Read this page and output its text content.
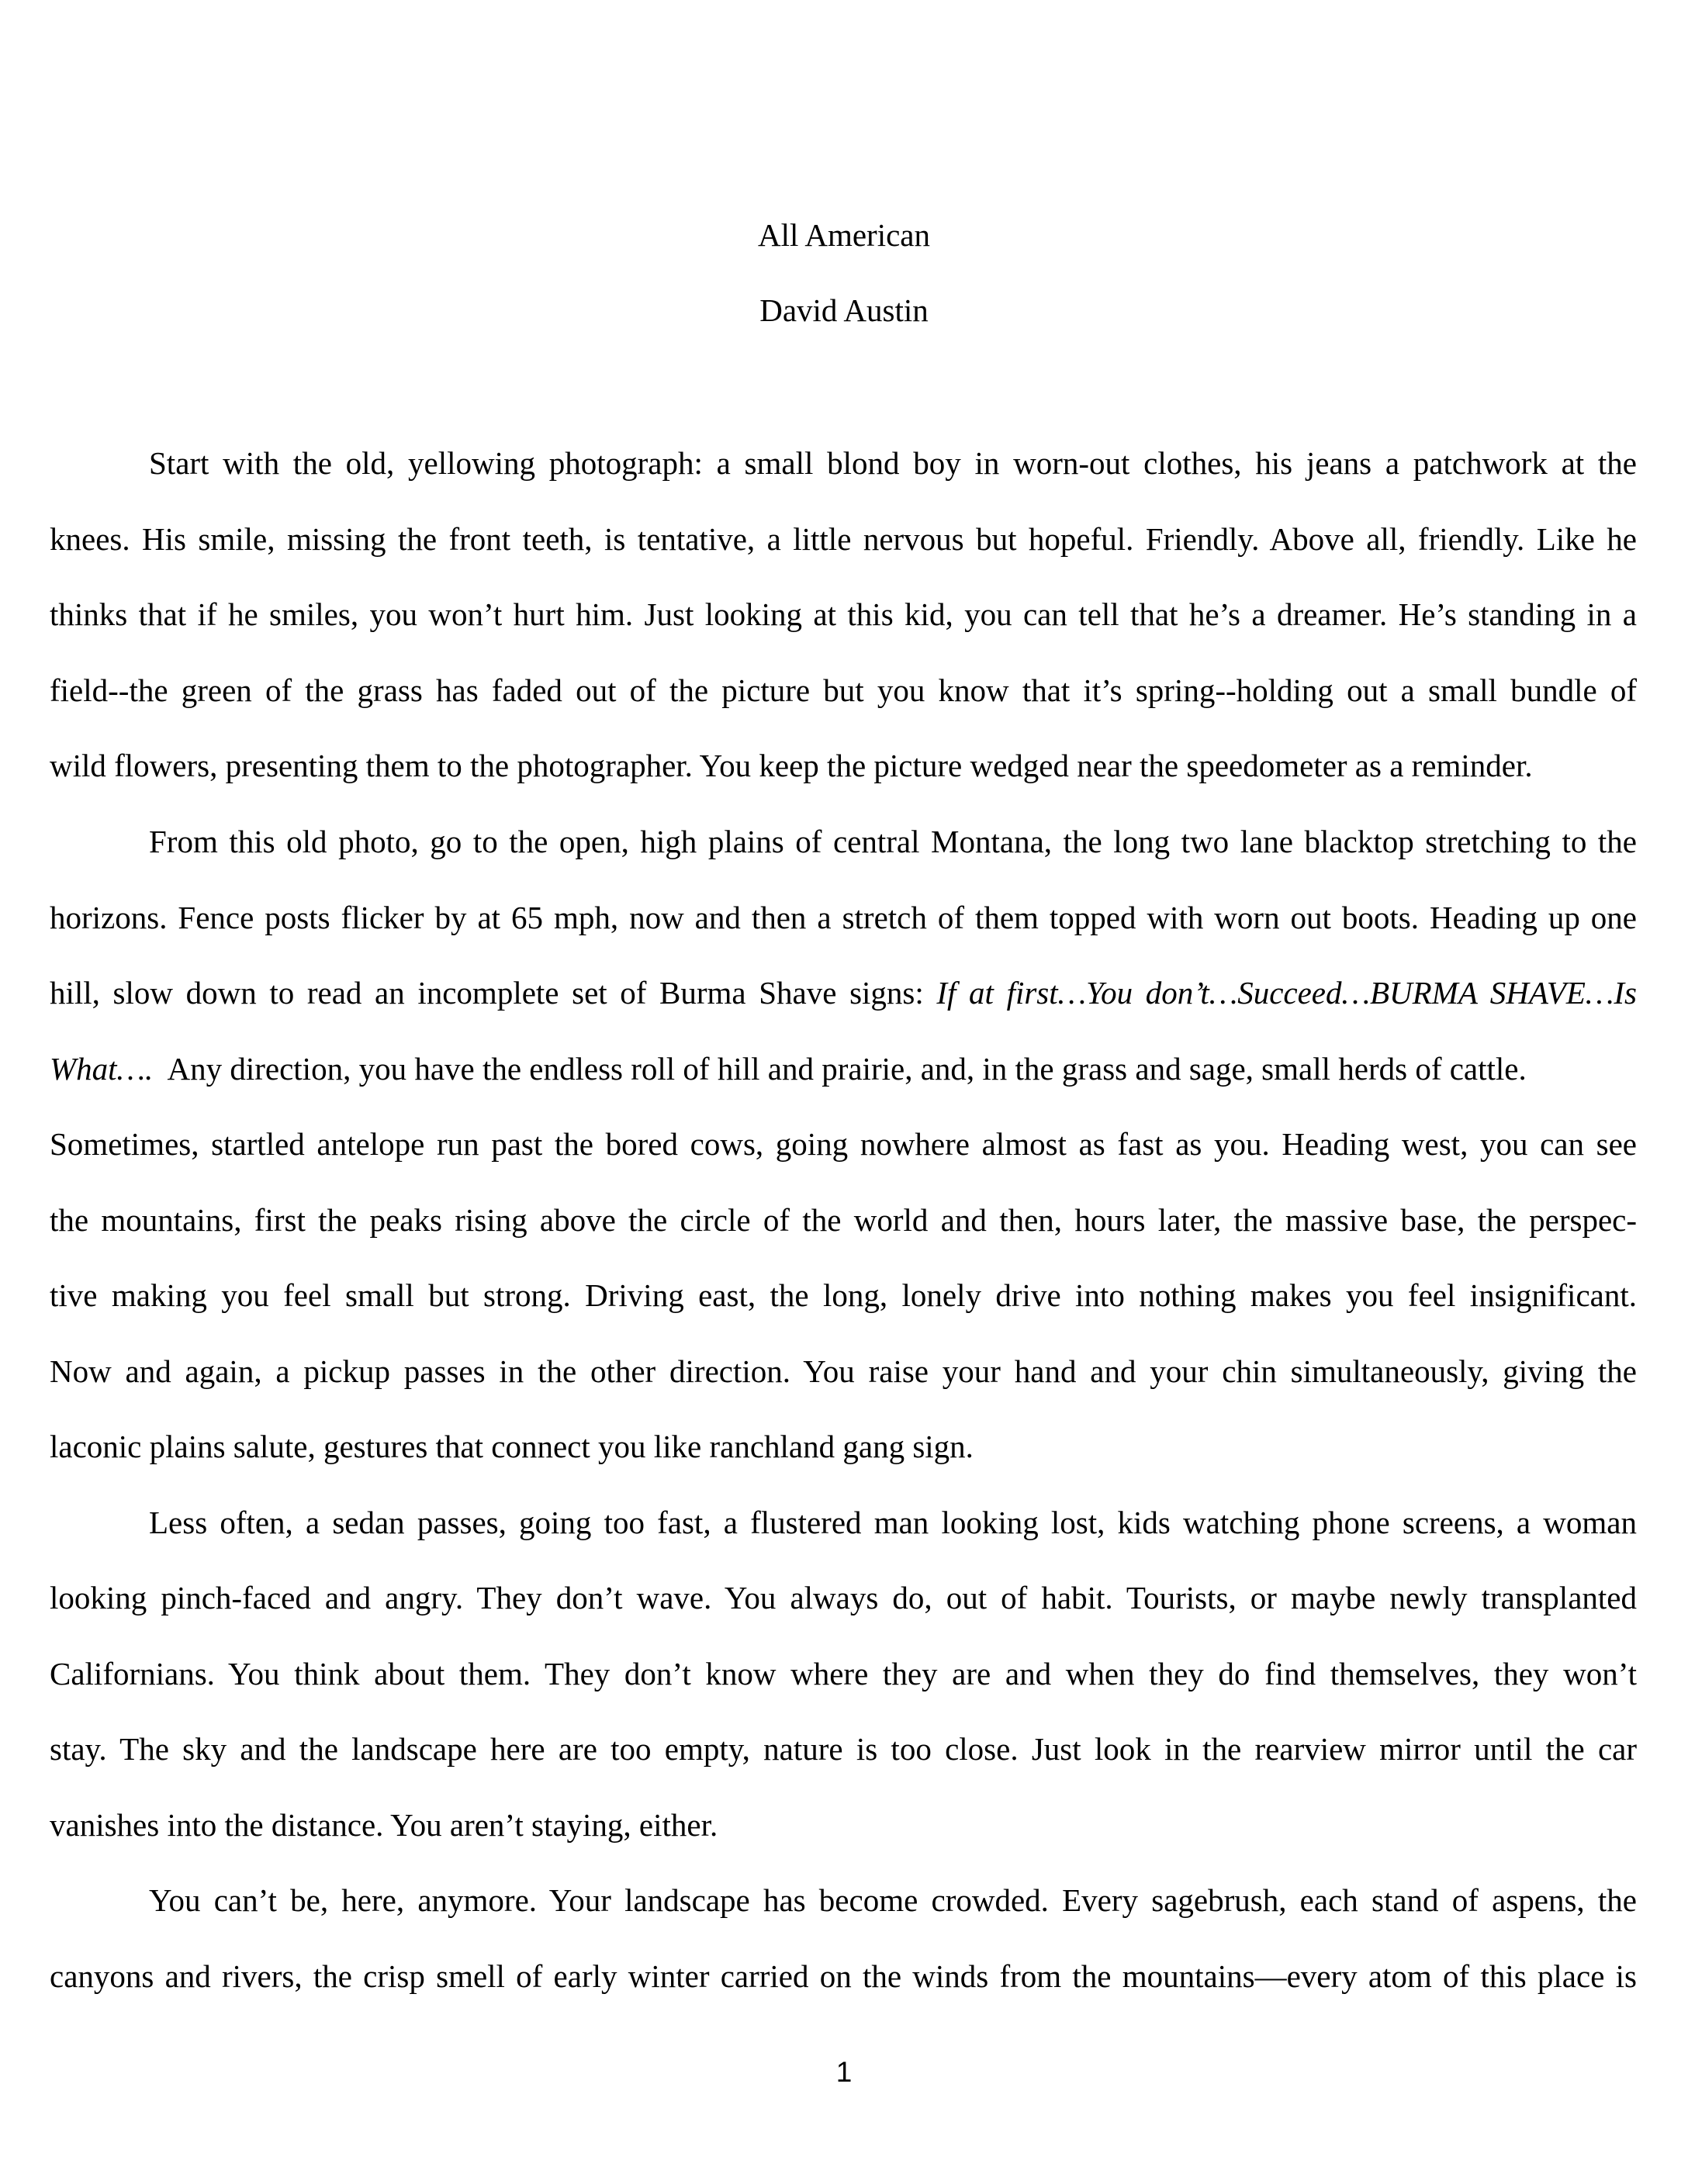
All American
David Austin
Start with the old, yellowing photograph: a small blond boy in worn-out clothes, his jeans a patchwork at the
knees. His smile, missing the front teeth, is tentative, a little nervous but hopeful. Friendly. Above all, friendly. Like he
thinks that if he smiles, you won’t hurt him. Just looking at this kid, you can tell that he’s a dreamer. He’s standing in a
field--the green of the grass has faded out of the picture but you know that it’s spring--holding out a small bundle of
wild flowers, presenting them to the photographer. You keep the picture wedged near the speedometer as a reminder.
From this old photo, go to the open, high plains of central Montana, the long two lane blacktop stretching to the
horizons. Fence posts flicker by at 65 mph, now and then a stretch of them topped with worn out boots. Heading up one
hill, slow down to read an incomplete set of Burma Shave signs: If at first…You don’t…Succeed…BURMA SHAVE…Is
What….  Any direction, you have the endless roll of hill and prairie, and, in the grass and sage, small herds of cattle.
Sometimes, startled antelope run past the bored cows, going nowhere almost as fast as you. Heading west, you can see
the mountains, first the peaks rising above the circle of the world and then, hours later, the massive base, the perspec-
tive making you feel small but strong. Driving east, the long, lonely drive into nothing makes you feel insignificant.
Now and again, a pickup passes in the other direction. You raise your hand and your chin simultaneously, giving the
laconic plains salute, gestures that connect you like ranchland gang sign.
Less often, a sedan passes, going too fast, a flustered man looking lost, kids watching phone screens, a woman
looking pinch-faced and angry. They don’t wave. You always do, out of habit. Tourists, or maybe newly transplanted
Californians. You think about them. They don’t know where they are and when they do find themselves, they won’t
stay. The sky and the landscape here are too empty, nature is too close. Just look in the rearview mirror until the car
vanishes into the distance. You aren’t staying, either.
You can’t be, here, anymore. Your landscape has become crowded. Every sagebrush, each stand of aspens, the
canyons and rivers, the crisp smell of early winter carried on the winds from the mountains—every atom of this place is
1
